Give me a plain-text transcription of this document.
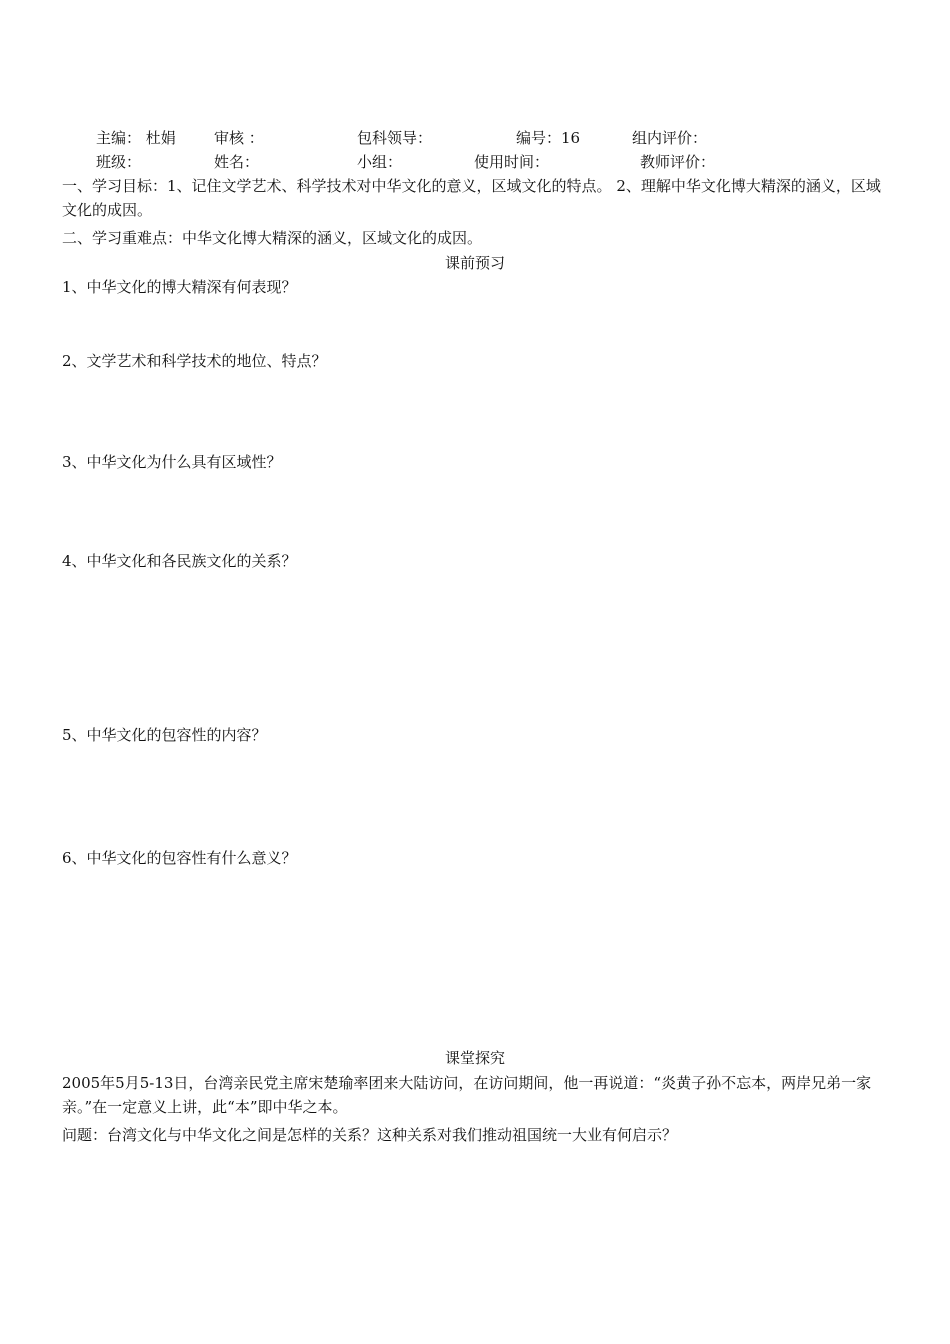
主编： 杜娟	审核 ：	包科领导：	编号：16	组内评价：
班级：	姓名：	小组：	使用时间：	教师评价：
一、学习目标：1、记住文学艺术、科学技术对中华文化的意义，区域文化的特点。 2、理解中华文化博大精深的涵义，区域文化的成因。
二、学习重难点：中华文化博大精深的涵义，区域文化的成因。
课前预习
1、中华文化的博大精深有何表现？
2、文学艺术和科学技术的地位、特点？
3、中华文化为什么具有区域性？
4、中华文化和各民族文化的关系？
5、中华文化的包容性的内容？
6、中华文化的包容性有什么意义？
课堂探究
2005年5月5-13日，台湾亲民党主席宋楚瑜率团来大陆访问，在访问期间，他一再说道：“炎黄子孙不忘本，两岸兄弟一家亲。”在一定意义上讲，此“本”即中华之本。
问题：台湾文化与中华文化之间是怎样的关系？这种关系对我们推动祖国统一大业有何启示？
